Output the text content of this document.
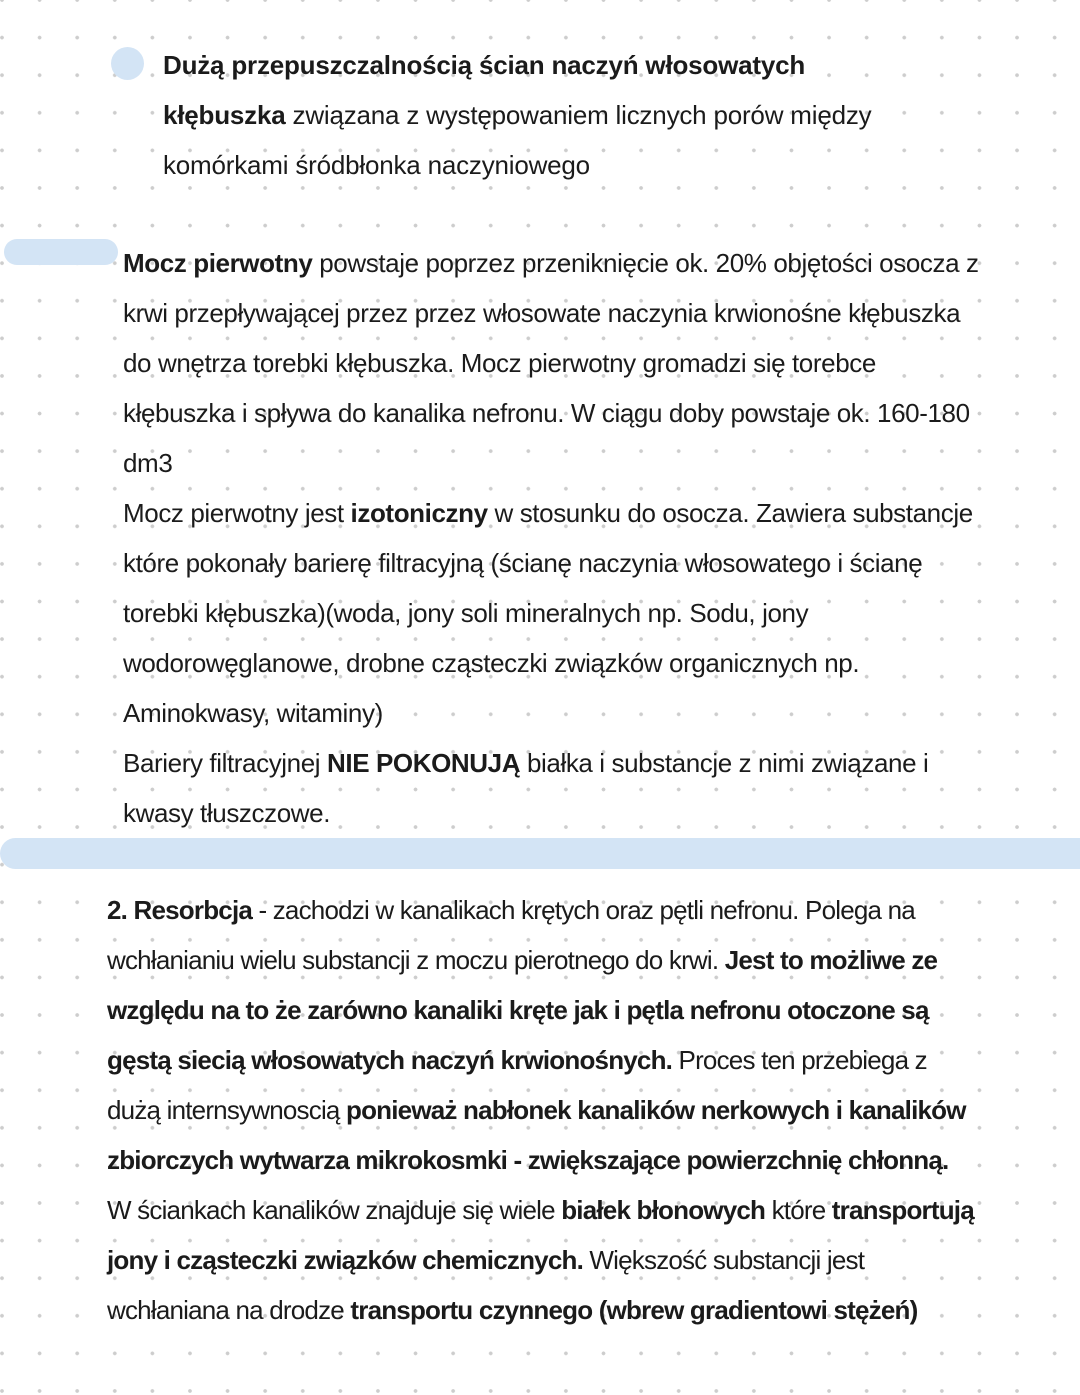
Dużą przepuszczalnością ścian naczyń włosowatych
kłębuszka związana z występowaniem licznych porów między
komórkami śródbłonka naczyniowego
Mocz pierwotny powstaje poprzez przeniknięcie ok. 20% objętości osocza z
krwi przepływającej przez przez włosowate naczynia krwionośne kłębuszka
do wnętrza torebki kłębuszka. Mocz pierwotny gromadzi się torebce
kłębuszka i spływa do kanalika nefronu. W ciągu doby powstaje ok. 160-180
dm3
Mocz pierwotny jest izotoniczny w stosunku do osocza. Zawiera substancje
które pokonały barierę filtracyjną (ścianę naczynia włosowatego i ścianę
torebki kłębuszka)(woda, jony soli mineralnych np. Sodu, jony
wodorowęglanowe, drobne cząsteczki związków organicznych np.
Aminokwasy, witaminy)
Bariery filtracyjnej NIE POKONUJĄ białka i substancje z nimi związane i
kwasy tłuszczowe.
2. Resorbcja - zachodzi w kanalikach krętych oraz pętli nefronu. Polega na
wchłanianiu wielu substancji z moczu pierotnego do krwi. Jest to możliwe ze
względu na to że zarówno kanaliki kręte jak i pętla nefronu otoczone są
gęstą siecią włosowatych naczyń krwionośnych. Proces ten przebiega z
dużą internsywnoscią ponieważ nabłonek kanalików nerkowych i kanalików
zbiorczych wytwarza mikrokosmki - zwiększające powierzchnię chłonną.
W ściankach kanalików znajduje się wiele białek błonowych które transportują
jony i cząsteczki związków chemicznych. Większość substancji jest
wchłaniana na drodze transportu czynnego (wbrew gradientowi stężeń)
